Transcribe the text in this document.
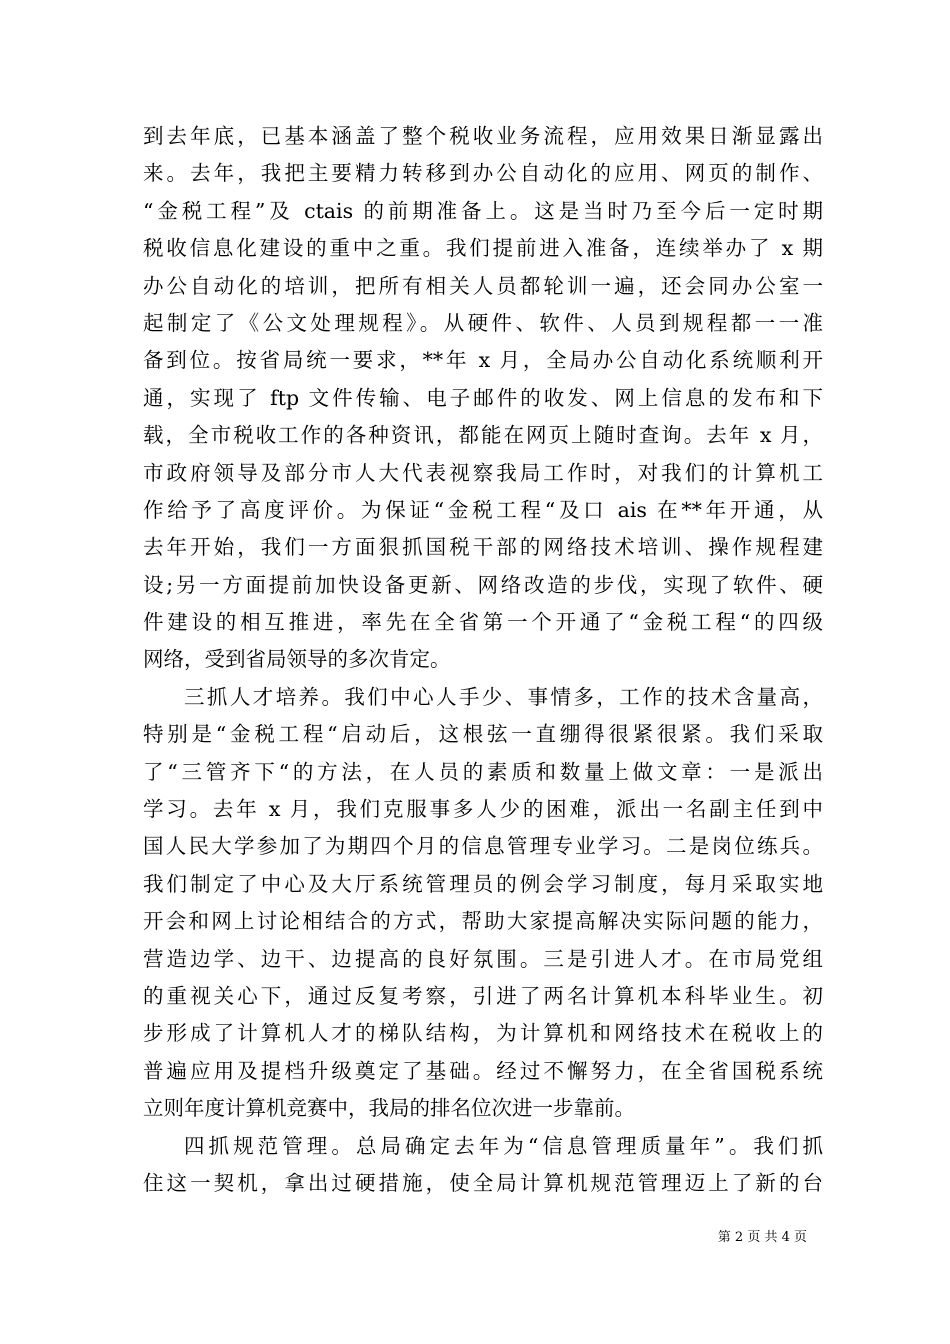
到去年底，已基本涵盖了整个税收业务流程，应用效果日渐显露出
来。去年，我把主要精力转移到办公自动化的应用、网页的制作、
“金税工程”及 ctais 的前期准备上。这是当时乃至今后一定时期
税收信息化建设的重中之重。我们提前进入准备，连续举办了 x 期
办公自动化的培训，把所有相关人员都轮训一遍，还会同办公室一
起制定了《公文处理规程》。从硬件、软件、人员到规程都一一准
备到位。按省局统一要求，**年 x 月，全局办公自动化系统顺利开
通，实现了 ftp 文件传输、电子邮件的收发、网上信息的发布和下
载，全市税收工作的各种资讯，都能在网页上随时查询。去年 x 月，
市政府领导及部分市人大代表视察我局工作时，对我们的计算机工
作给予了高度评价。为保证“金税工程“及口 ais 在**年开通，从
去年开始，我们一方面狠抓国税干部的网络技术培训、操作规程建
设;另一方面提前加快设备更新、网络改造的步伐，实现了软件、硬
件建设的相互推进，率先在全省第一个开通了“金税工程“的四级
网络，受到省局领导的多次肯定。
三抓人才培养。我们中心人手少、事情多，工作的技术含量高，
特别是“金税工程“启动后，这根弦一直绷得很紧很紧。我们采取
了“三管齐下“的方法，在人员的素质和数量上做文章：一是派出
学习。去年 x 月，我们克服事多人少的困难，派出一名副主任到中
国人民大学参加了为期四个月的信息管理专业学习。二是岗位练兵。
我们制定了中心及大厅系统管理员的例会学习制度，每月采取实地
开会和网上讨论相结合的方式，帮助大家提高解决实际问题的能力，
营造边学、边干、边提高的良好氛围。三是引进人才。在市局党组
的重视关心下，通过反复考察，引进了两名计算机本科毕业生。初
步形成了计算机人才的梯队结构，为计算机和网络技术在税收上的
普遍应用及提档升级奠定了基础。经过不懈努力，在全省国税系统
立则年度计算机竞赛中，我局的排名位次进一步靠前。
四抓规范管理。总局确定去年为“信息管理质量年”。我们抓
住这一契机，拿出过硬措施，使全局计算机规范管理迈上了新的台
第 2 页 共 4 页
